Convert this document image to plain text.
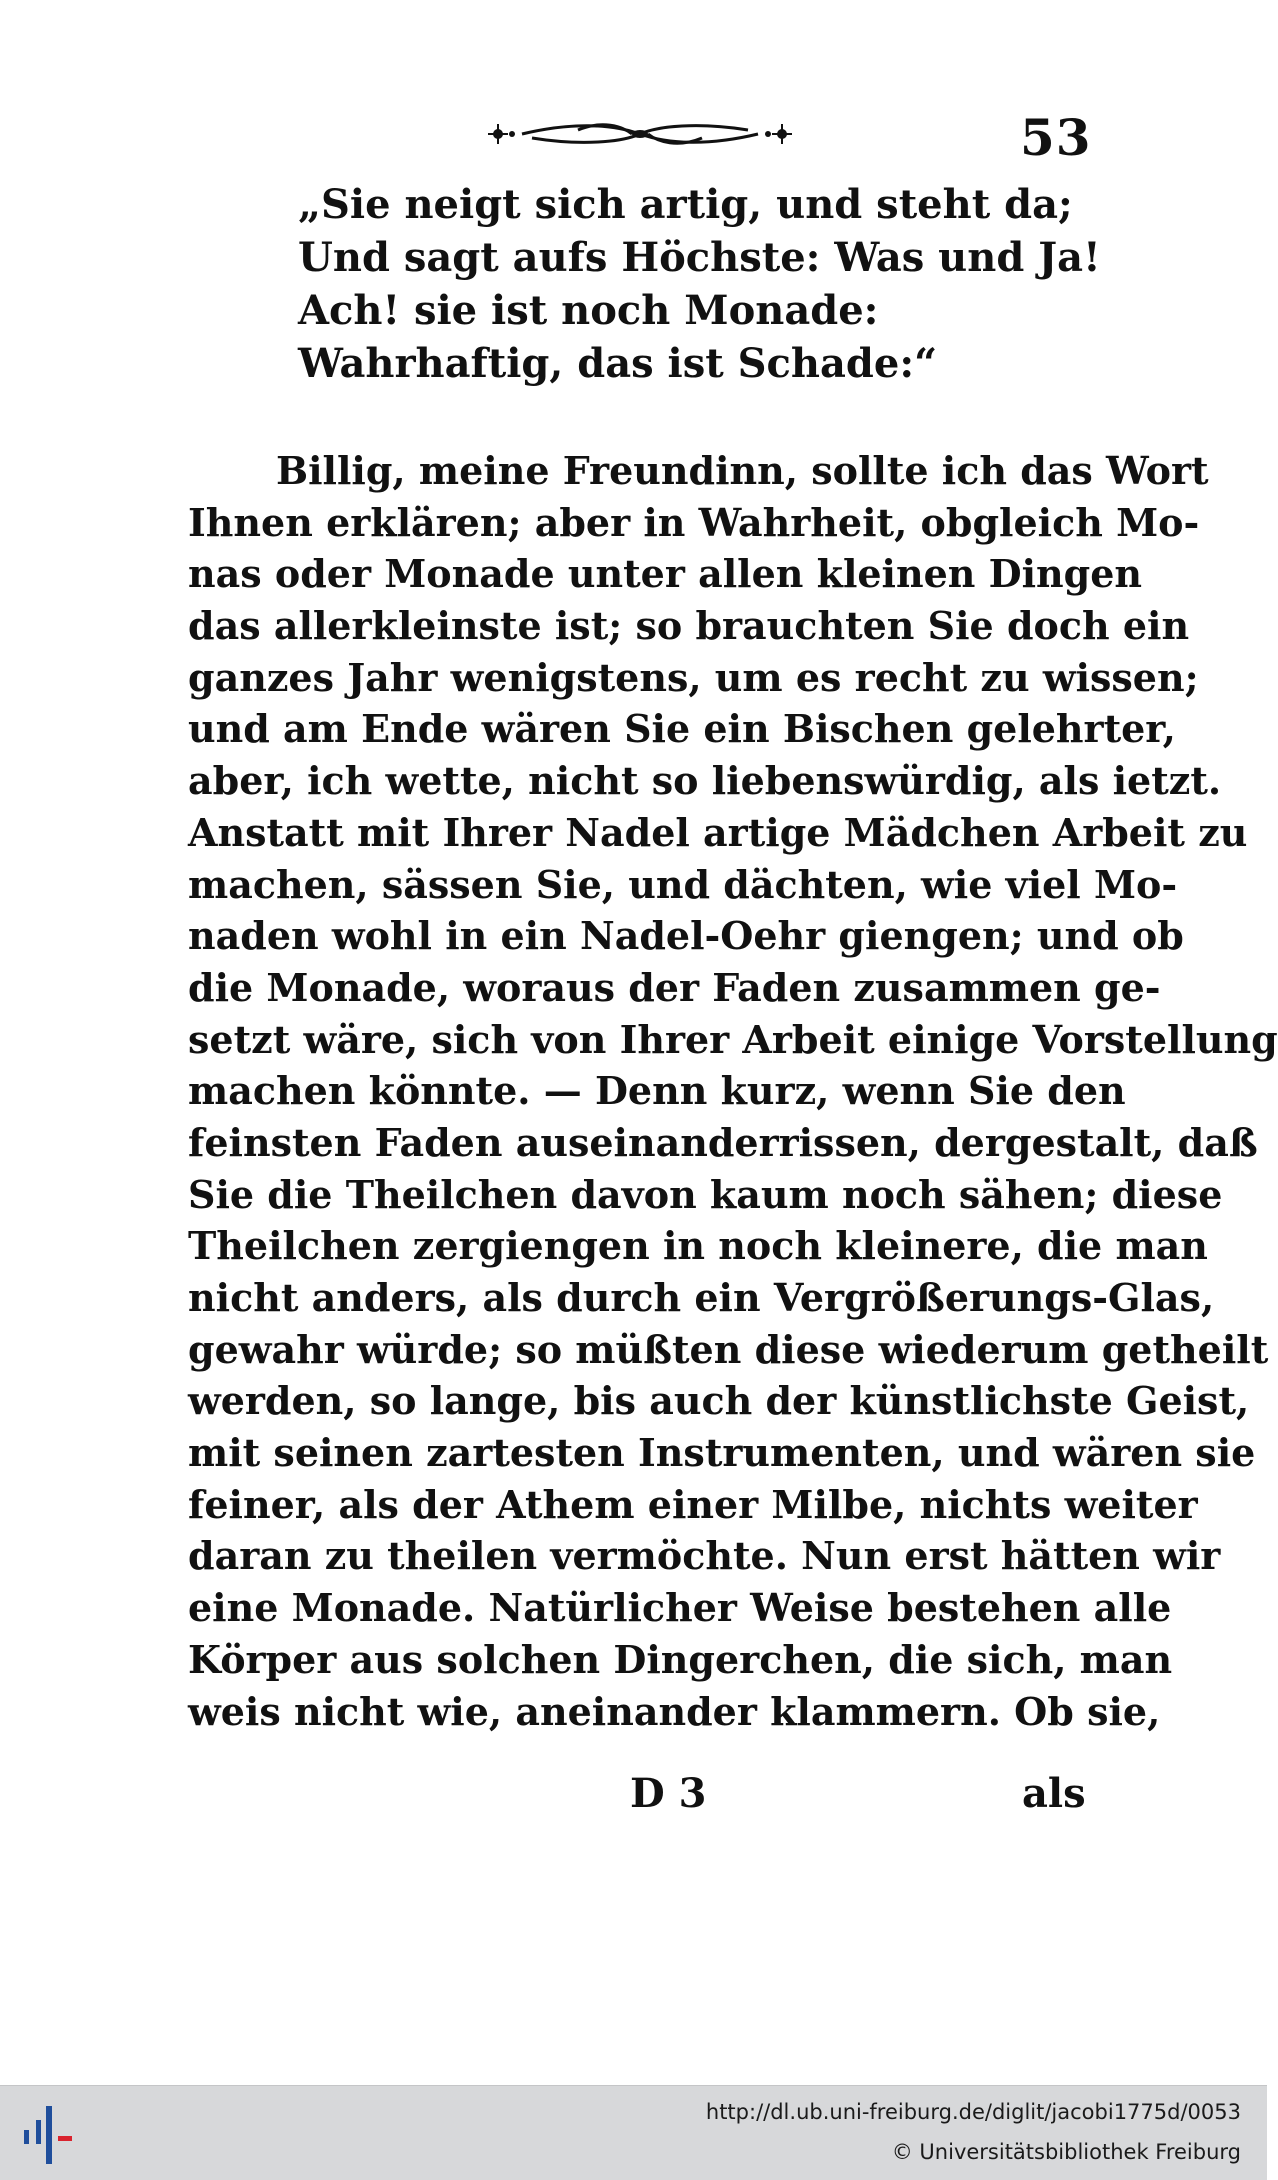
53
„Sie neigt sich artig, und steht da;
Und sagt aufs Höchste: Was und Ja!
Ach! sie ist noch Monade:
Wahrhaftig, das ist Schade:“
Billig, meine Freundinn, sollte ich das Wort
Ihnen erklären; aber in Wahrheit, obgleich Mo-
nas oder Monade unter allen kleinen Dingen
das allerkleinste ist; so brauchten Sie doch ein
ganzes Jahr wenigstens, um es recht zu wissen;
und am Ende wären Sie ein Bischen gelehrter,
aber, ich wette, nicht so liebenswürdig, als ietzt.
Anstatt mit Ihrer Nadel artige Mädchen Arbeit zu
machen, sässen Sie, und dächten, wie viel Mo-
naden wohl in ein Nadel-Oehr giengen; und ob
die Monade, woraus der Faden zusammen ge-
setzt wäre, sich von Ihrer Arbeit einige Vorstellung
machen könnte. — Denn kurz, wenn Sie den
feinsten Faden auseinanderrissen, dergestalt, daß
Sie die Theilchen davon kaum noch sähen; diese
Theilchen zergiengen in noch kleinere, die man
nicht anders, als durch ein Vergrößerungs-Glas,
gewahr würde; so müßten diese wiederum getheilt
werden, so lange, bis auch der künstlichste Geist,
mit seinen zartesten Instrumenten, und wären sie
feiner, als der Athem einer Milbe, nichts weiter
daran zu theilen vermöchte. Nun erst hätten wir
eine Monade. Natürlicher Weise bestehen alle
Körper aus solchen Dingerchen, die sich, man
weis nicht wie, aneinander klammern. Ob sie,
D 3	als
http://dl.ub.uni-freiburg.de/diglit/jacobi1775d/0053
© Universitätsbibliothek Freiburg
